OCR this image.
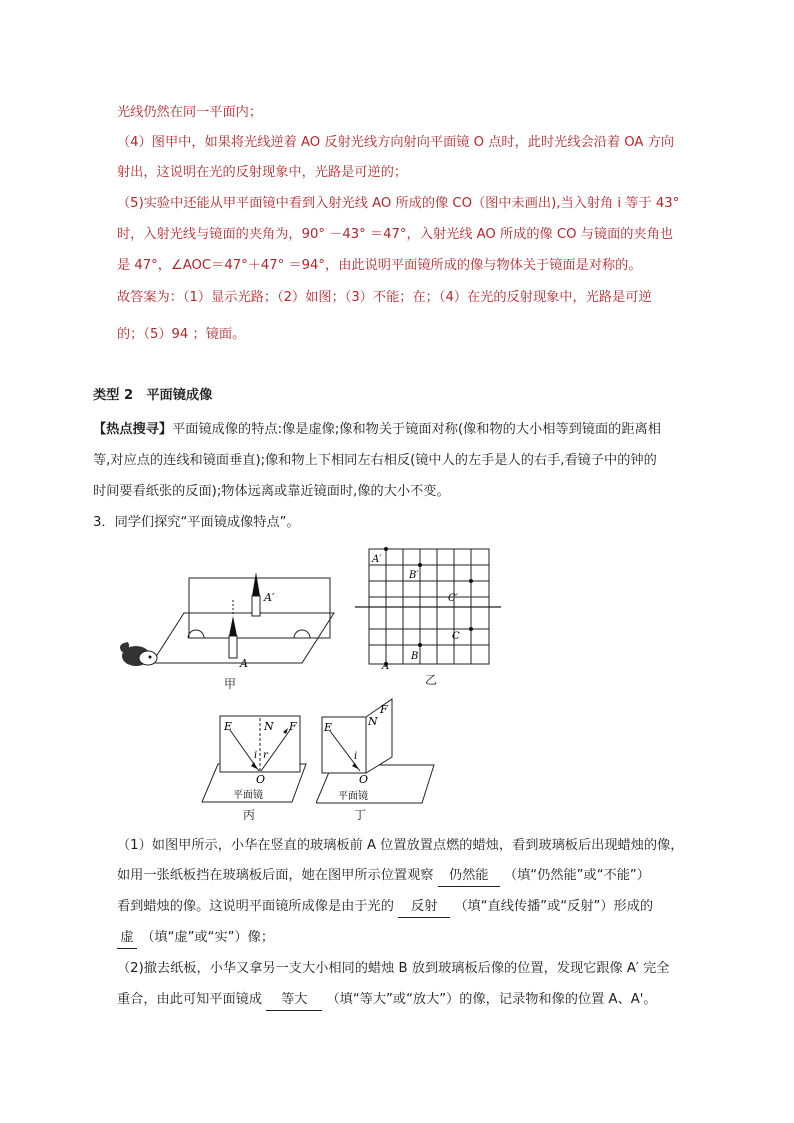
光线仍然在同一平面内；
（4）图甲中，如果将光线逆着 AO 反射光线方向射向平面镜 O 点时，此时光线会沿着 OA 方向
射出，这说明在光的反射现象中，光路是可逆的；
（5)实验中还能从甲平面镜中看到入射光线 AO 所成的像 CO（图中未画出),当入射角 i 等于 43°
时，入射光线与镜面的夹角为，90° －43° ＝47°，入射光线 AO 所成的像 CO 与镜面的夹角也
是 47°，∠AOC＝47°＋47° ＝94°，由此说明平面镜所成的像与物体关于镜面是对称的。
故答案为：（1）显示光路；（2）如图；（3）不能；在；（4）在光的反射现象中，光路是可逆
的；（5）94 ；镜面。
类型 2　平面镜成像
【热点搜寻】平面镜成像的特点:像是虚像;像和物关于镜面对称(像和物的大小相等到镜面的距离相
等,对应点的连线和镜面垂直);像和物上下相同左右相反(镜中人的左手是人的右手,看镜子中的钟的
时间要看纸张的反面);物体远离或靠近镜面时,像的大小不变。
3．同学们探究“平面镜成像特点”。
A′
A
甲
A′
B′
C′
C
B
A
乙
E	N F
i r
O
平面镜
丙
E	N
F
i
O
平面镜
丁
（1）如图甲所示，小华在竖直的玻璃板前 A 位置放置点燃的蜡烛，看到玻璃板后出现蜡烛的像，
如用一张纸板挡在玻璃板后面，她在图甲所示位置观察 仍然能 （填“仍然能”或“不能”）
看到蜡烛的像。这说明平面镜所成像是由于光的 反射 （填“直线传播”或“反射”）形成的
虚 （填“虚”或“实”）像；
（2)撤去纸板，小华又拿另一支大小相同的蜡烛 B 放到玻璃板后像的位置，发现它跟像 A′ 完全
重合，由此可知平面镜成 等大 （填“等大”或“放大”）的像，记录物和像的位置 A、A'。
